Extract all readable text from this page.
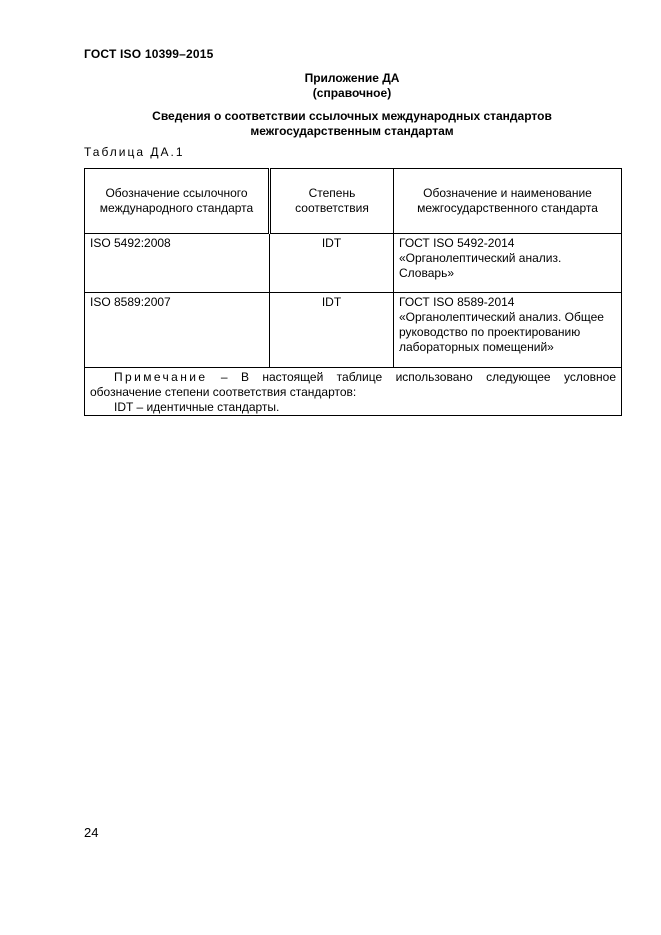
ГОСТ ISO 10399–2015
Приложение ДА
(справочное)
Сведения о соответствии ссылочных международных стандартов
межгосударственным стандартам
Таблица ДА.1
Обозначение ссылочного международного стандарта	Степень соответствия	Обозначение и наименование межгосударственного стандарта
ISO 5492:2008	IDT	ГОСТ ISO 5492-2014
«Органолептический анализ. Словарь»

ISO 8589:2007	IDT	ГОСТ ISO 8589-2014
«Органолептический анализ. Общее руководство по проектированию лабораторных помещений»

Примечание – В настоящей таблице использовано следующее условное обозначение степени соответствия стандартов:
IDT – идентичные стандарты.		
24
